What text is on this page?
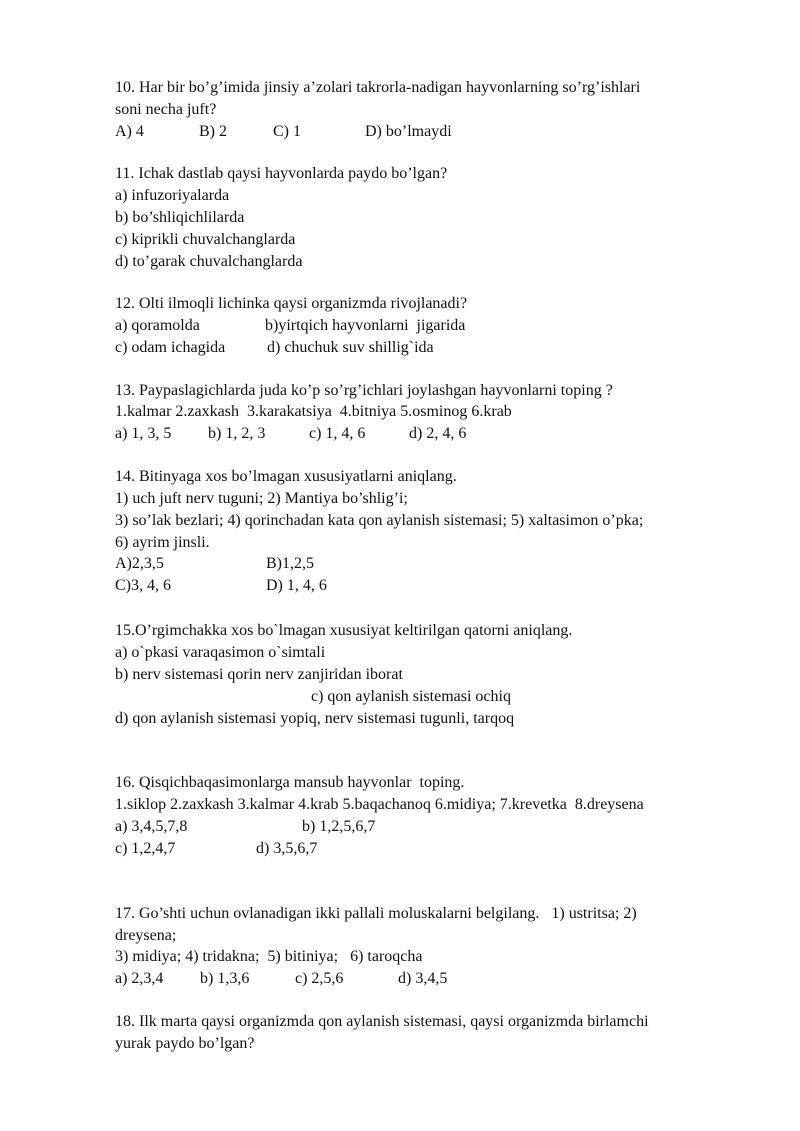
10. Har bir bo’g’imida jinsiy a’zolari takrorla-nadigan hayvonlarning so’rg’ishlari
soni necha juft?
A) 4	B) 2	C) 1	D) bo’lmaydi
11. Ichak dastlab qaysi hayvonlarda paydo bo’lgan?
a) infuzoriyalarda
b) bo’shliqichlilarda
c) kiprikli chuvalchanglarda
d) to’garak chuvalchanglarda
12. Olti ilmoqli lichinka qaysi organizmda rivojlanadi?
a) qoramolda	b)yirtqich hayvonlarni  jigarida
c) odam ichagida	d) chuchuk suv shillig`ida
13. Paypaslagichlarda juda ko’p so’rg’ichlari joylashgan hayvonlarni toping ?
1.kalmar 2.zaxkash  3.karakatsiya  4.bitniya 5.osminog 6.krab
a) 1, 3, 5 b) 1, 2, 3	c) 1, 4, 6	d) 2, 4, 6
14. Bitinyaga xos bo’lmagan xususiyatlarni aniqlang.
1) uch juft nerv tuguni; 2) Mantiya bo’shlig’i;
3) so’lak bezlari; 4) qorinchadan kata qon aylanish sistemasi; 5) xaltasimon o’pka;
6) ayrim jinsli.
A)2,3,5	B)1,2,5
C)3, 4, 6	D) 1, 4, 6
15.O’rgimchakka xos bo`lmagan xususiyat keltirilgan qatorni aniqlang.
a) o`pkasi varaqasimon o`simtali
b) nerv sistemasi qorin nerv zanjiridan iborat
c) qon aylanish sistemasi ochiq
d) qon aylanish sistemasi yopiq, nerv sistemasi tugunli, tarqoq
16. Qisqichbaqasimonlarga mansub hayvonlar  toping.
1.siklop 2.zaxkash 3.kalmar 4.krab 5.baqachanoq 6.midiya; 7.krevetka  8.dreysena
a) 3,4,5,7,8	b) 1,2,5,6,7
c) 1,2,4,7	d) 3,5,6,7
17. Go’shti uchun ovlanadigan ikki pallali moluskalarni belgilang.   1) ustritsa; 2)
dreysena;
3) midiya; 4) tridakna;  5) bitiniya;   6) taroqcha
a) 2,3,4 b) 1,3,6	c) 2,5,6	d) 3,4,5
18. Ilk marta qaysi organizmda qon aylanish sistemasi, qaysi organizmda birlamchi
yurak paydo bo’lgan?
